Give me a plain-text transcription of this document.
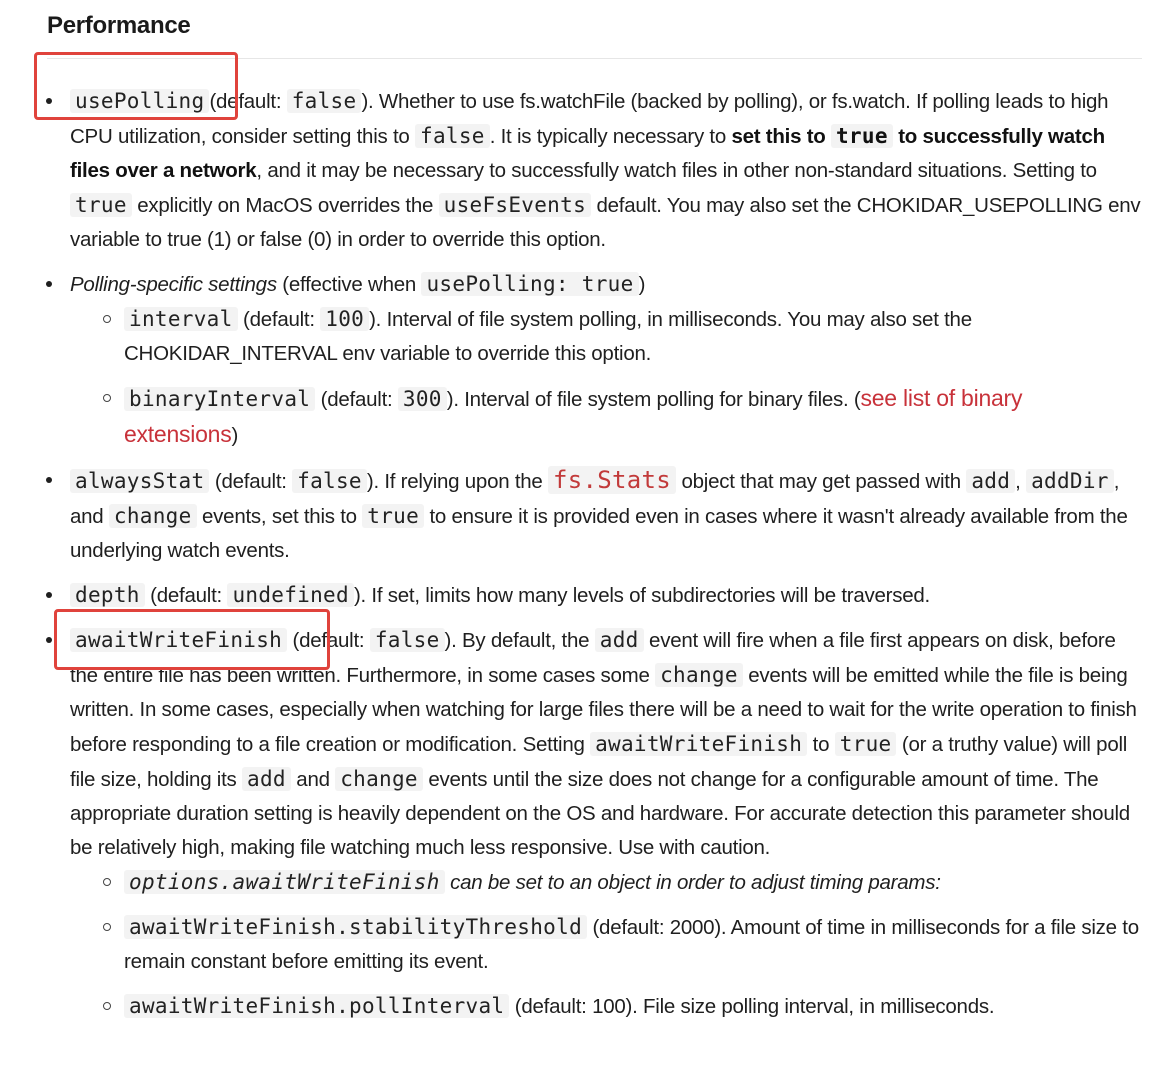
Performance
usePolling (default: false ). Whether to use fs.watchFile (backed by polling), or fs.watch. If polling leads to high CPU utilization, consider setting this to false . It is typically necessary to set this to true to successfully watch files over a network, and it may be necessary to successfully watch files in other non-standard situations. Setting to true explicitly on MacOS overrides the useFsEvents default. You may also set the CHOKIDAR_USEPOLLING env variable to true (1) or false (0) in order to override this option.
Polling-specific settings (effective when usePolling: true )
interval (default: 100 ). Interval of file system polling, in milliseconds. You may also set the CHOKIDAR_INTERVAL env variable to override this option.
binaryInterval (default: 300 ). Interval of file system polling for binary files. (see list of binary extensions)
alwaysStat (default: false ). If relying upon the fs.Stats object that may get passed with add , addDir , and change events, set this to true to ensure it is provided even in cases where it wasn't already available from the underlying watch events.
depth (default: undefined ). If set, limits how many levels of subdirectories will be traversed.
awaitWriteFinish (default: false ). By default, the add event will fire when a file first appears on disk, before the entire file has been written. Furthermore, in some cases some change events will be emitted while the file is being written. In some cases, especially when watching for large files there will be a need to wait for the write operation to finish before responding to a file creation or modification. Setting awaitWriteFinish to true (or a truthy value) will poll file size, holding its add and change events until the size does not change for a configurable amount of time. The appropriate duration setting is heavily dependent on the OS and hardware. For accurate detection this parameter should be relatively high, making file watching much less responsive. Use with caution.
options.awaitWriteFinish can be set to an object in order to adjust timing params:
awaitWriteFinish.stabilityThreshold (default: 2000). Amount of time in milliseconds for a file size to remain constant before emitting its event.
awaitWriteFinish.pollInterval (default: 100). File size polling interval, in milliseconds.
